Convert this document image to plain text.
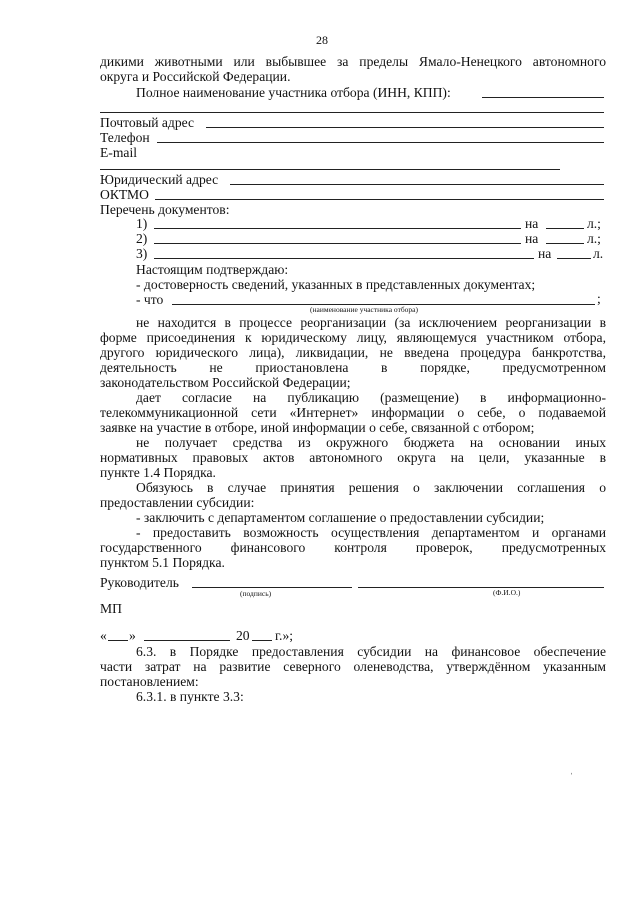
28
дикими животными или выбывшее за пределы Ямало-Ненецкого автономного
округа и Российской Федерации.
Полное наименование участника отбора (ИНН, КПП):
Почтовый адрес
Телефон
E-mail
Юридический адрес
ОКТМО
Перечень документов:
1)	на	л.;
2)	на	л.;
3)	на	л.
Настоящим подтверждаю:
- достоверность сведений, указанных в представленных документах;
- что	;
(наименование участника отбора)
не находится в процессе реорганизации (за исключением реорганизации в
форме присоединения к юридическому лицу, являющемуся участником отбора,
другого юридического лица), ликвидации, не введена процедура банкротства,
деятельность не приостановлена в порядке, предусмотренном
законодательством Российской Федерации;
дает согласие на публикацию (размещение) в информационно-
телекоммуникационной сети «Интернет» информации о себе, о подаваемой
заявке на участие в отборе, иной информации о себе, связанной с отбором;
не получает средства из окружного бюджета на основании иных
нормативных правовых актов автономного округа на цели, указанные в
пункте 1.4 Порядка.
Обязуюсь в случае принятия решения о заключении соглашения о
предоставлении субсидии:
- заключить с департаментом соглашение о предоставлении субсидии;
- предоставить возможность осуществления департаментом и органами
государственного финансового контроля проверок, предусмотренных
пунктом 5.1 Порядка.
Руководитель
(подпись)	(Ф.И.О.)
МП
« »	20 г.»;
6.3. в Порядке предоставления субсидии на финансовое обеспечение
части затрат на развитие северного оленеводства, утверждённом указанным
постановлением:
6.3.1. в пункте 3.3:
ˈ
